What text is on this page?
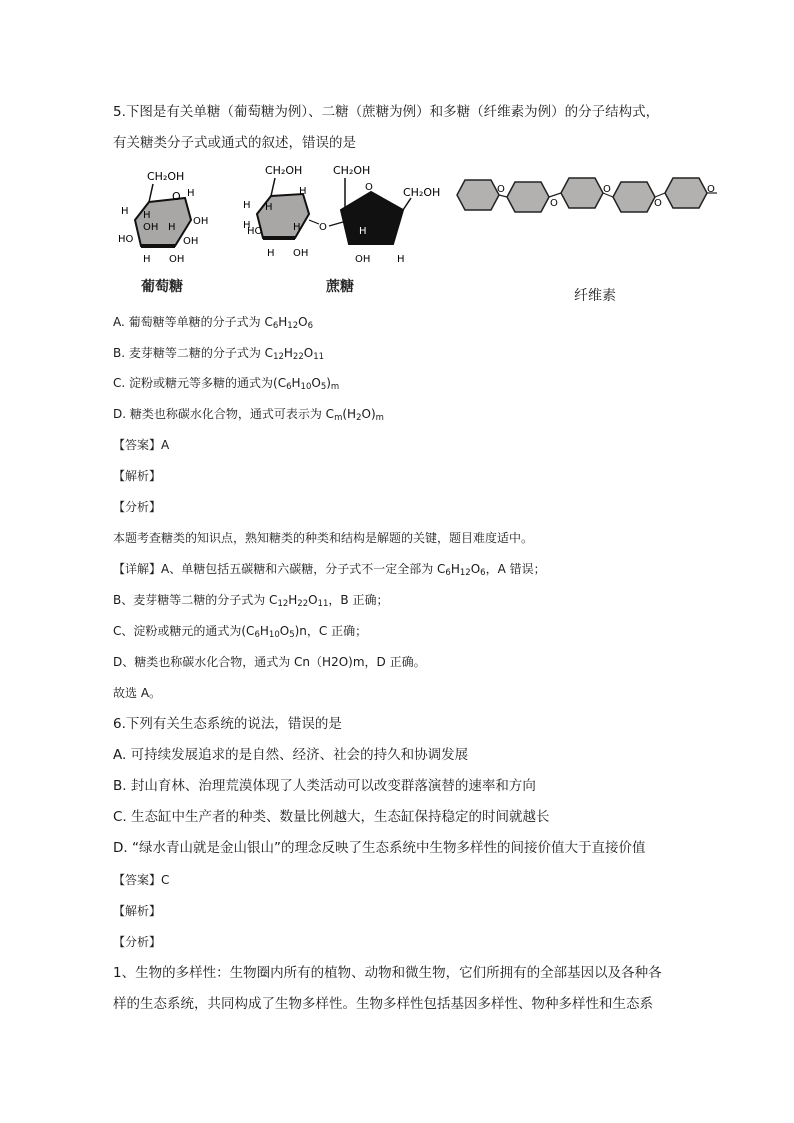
5.下图是有关单糖（葡萄糖为例）、二糖（蔗糖为例）和多糖（纤维素为例）的分子结构式，
有关糖类分子式或通式的叙述，错误的是
CH₂OH
O H
H H
OH H
OH
HO	OH
H OH
CH₂OH
H H
HO
H
H	H
H OH
O
O
CH₂OH
CH₂OH
OH	H
H
O
O
O
O
O
葡萄糖	蔗糖
纤维素
A. 葡萄糖等单糖的分子式为 $C_6H_{12}O_6$
B. 麦芽糖等二糖的分子式为 $C_{12}H_{22}O_{11}$
C. 淀粉或糖元等多糖的通式为$(C_6H_{10}O_5)_m$
D. 糖类也称碳水化合物，通式可表示为 $C_m(H_2O)_m$
【答案】A
【解析】
【分析】
本题考查糖类的知识点，熟知糖类的种类和结构是解题的关键，题目难度适中。
【详解】A、单糖包括五碳糖和六碳糖，分子式不一定全部为 $C_6H_{12}O_6$，A 错误；
B、麦芽糖等二糖的分子式为 $C_{12}H_{22}O_{11}$，B 正确；
C、淀粉或糖元的通式为$(C_6H_{10}O_5)n$，C 正确；
D、糖类也称碳水化合物，通式为 Cn（H2O)m，D 正确。
故选 A。
6.下列有关生态系统的说法，错误的是
A. 可持续发展追求的是自然、经济、社会的持久和协调发展
B. 封山育林、治理荒漠体现了人类活动可以改变群落演替的速率和方向
C. 生态缸中生产者的种类、数量比例越大，生态缸保持稳定的时间就越长
D. “绿水青山就是金山银山”的理念反映了生态系统中生物多样性的间接价值大于直接价值
【答案】C
【解析】
【分析】
1、生物的多样性：生物圈内所有的植物、动物和微生物，它们所拥有的全部基因以及各种各
样的生态系统，共同构成了生物多样性。生物多样性包括基因多样性、物种多样性和生态系
